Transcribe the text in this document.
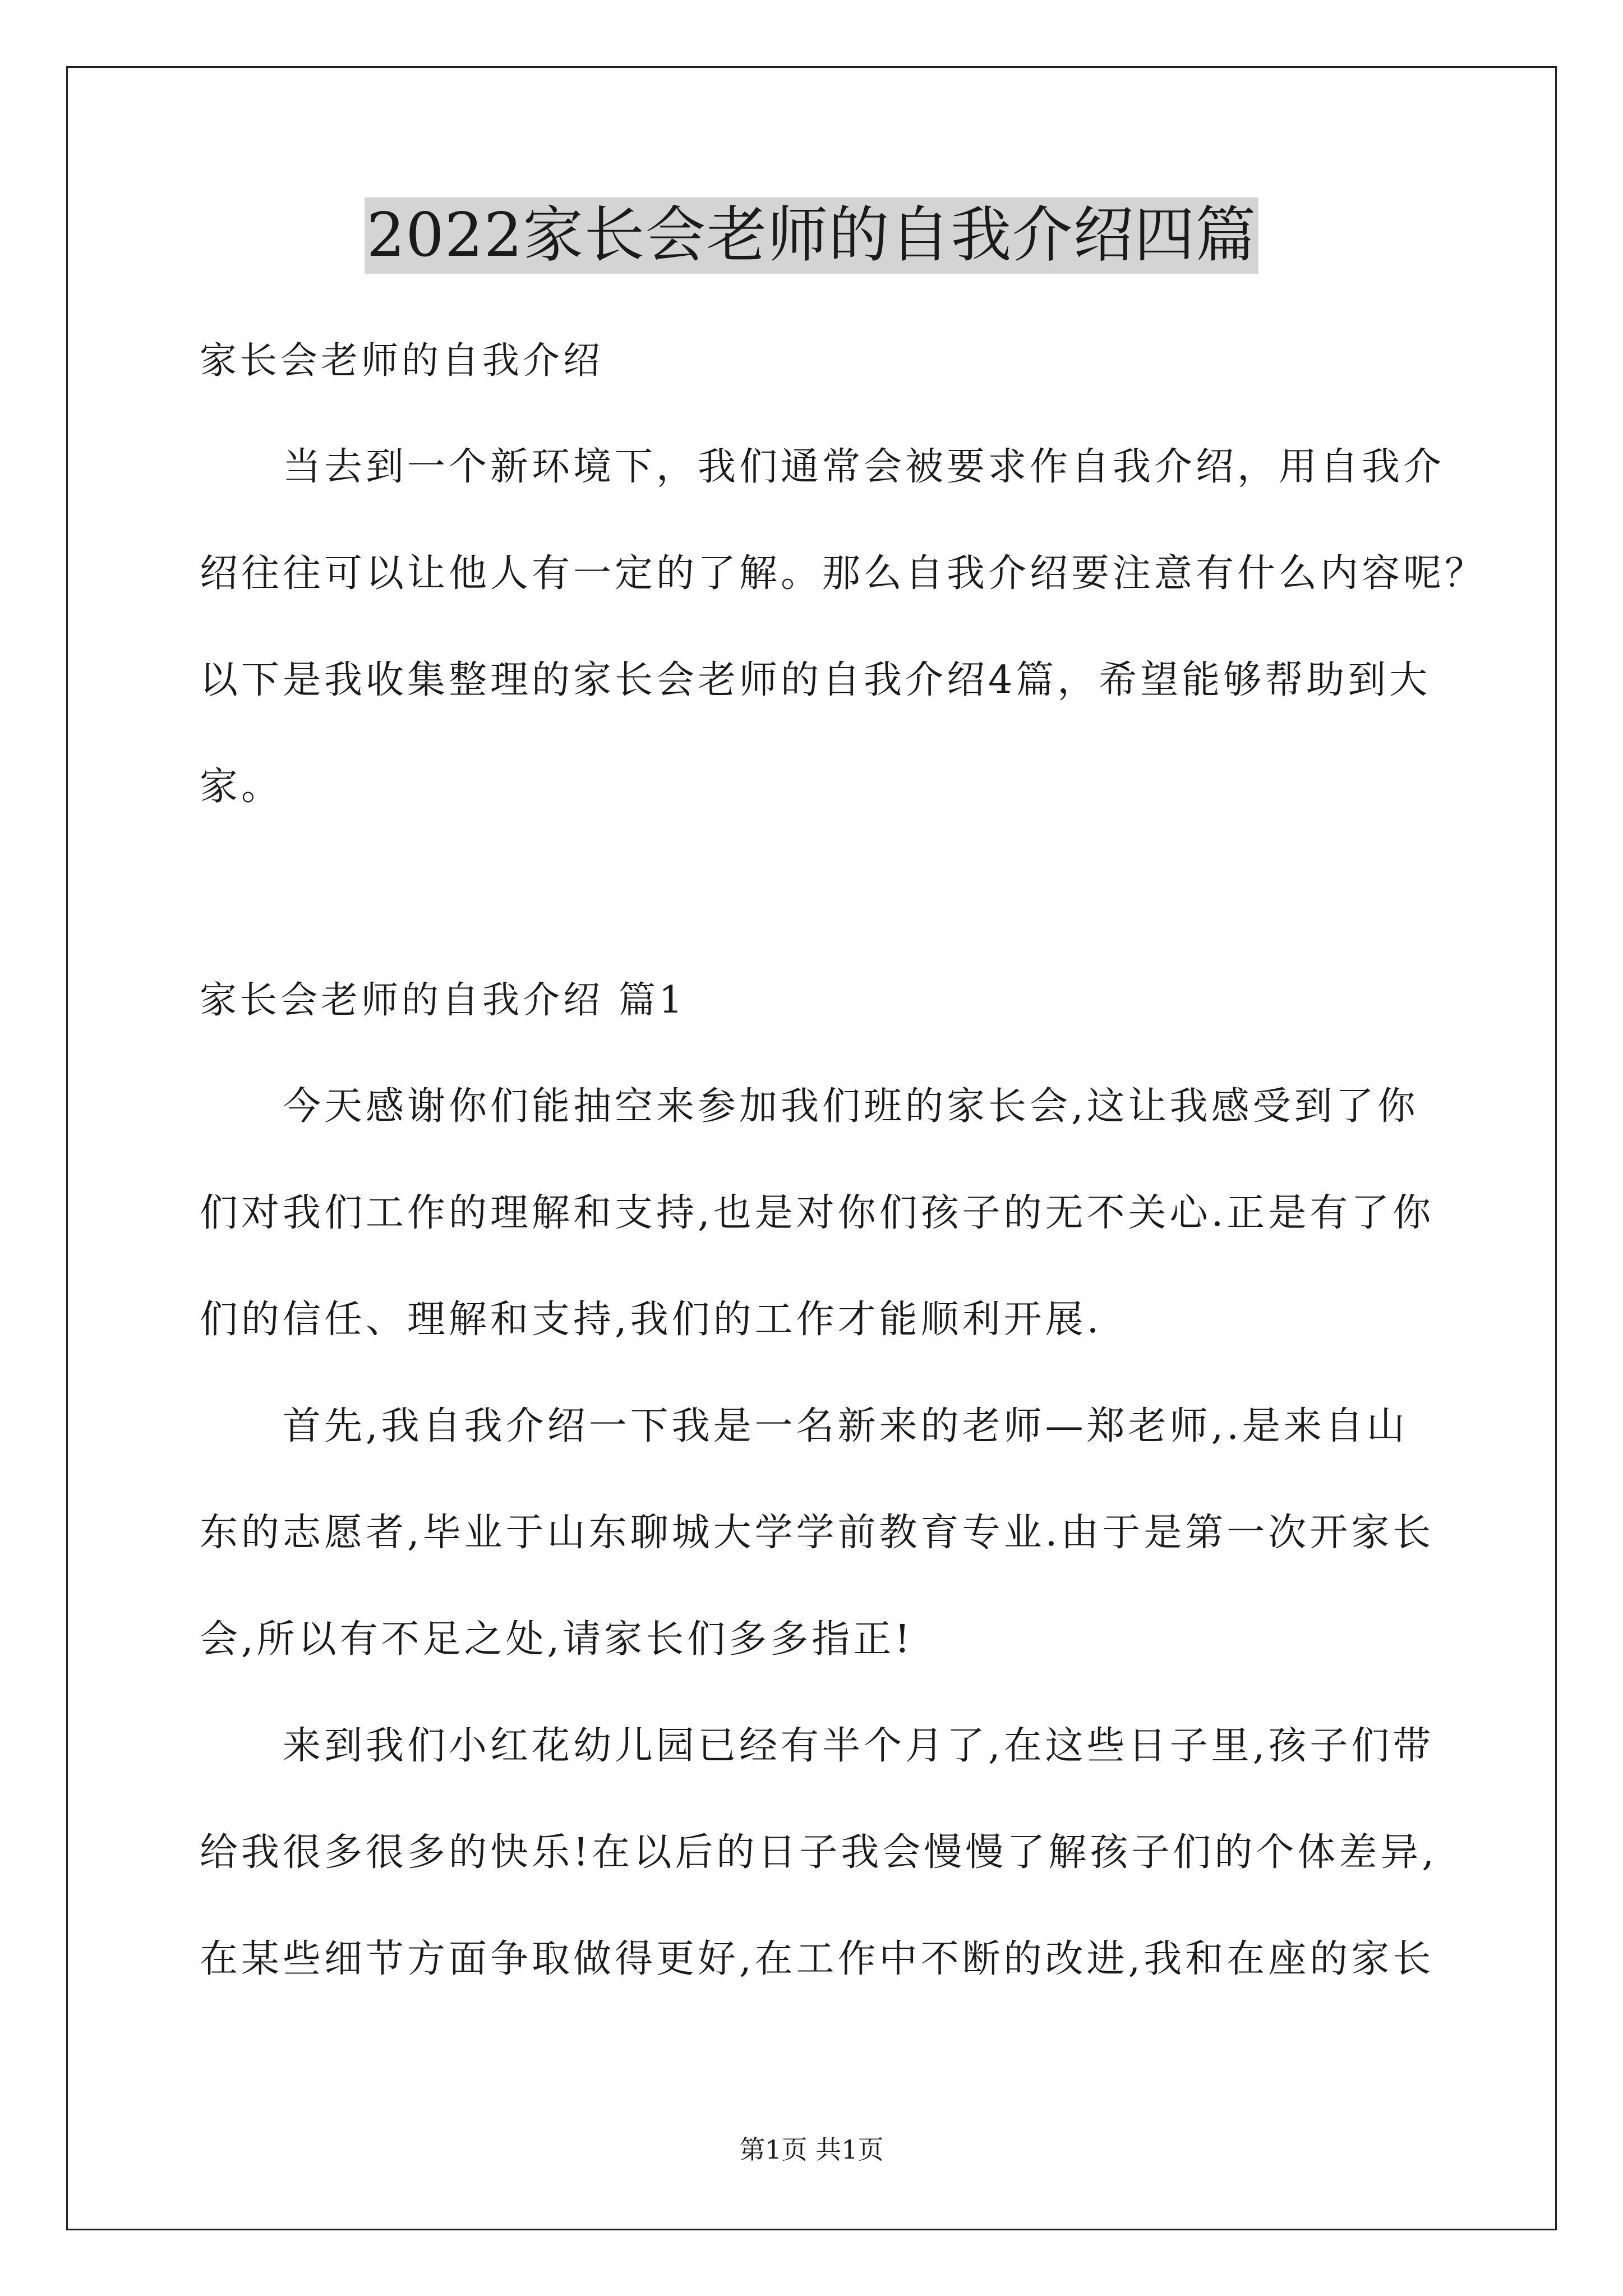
2022家长会老师的自我介绍四篇
家长会老师的自我介绍
当去到一个新环境下，我们通常会被要求作自我介绍，用自我介
绍往往可以让他人有一定的了解。那么自我介绍要注意有什么内容呢？
以下是我收集整理的家长会老师的自我介绍4篇，希望能够帮助到大
家。
家长会老师的自我介绍 篇1
今天感谢你们能抽空来参加我们班的家长会,这让我感受到了你
们对我们工作的理解和支持,也是对你们孩子的无不关心.正是有了你
们的信任、理解和支持,我们的工作才能顺利开展.
首先,我自我介绍一下我是一名新来的老师—郑老师,.是来自山
东的志愿者,毕业于山东聊城大学学前教育专业.由于是第一次开家长
会,所以有不足之处,请家长们多多指正!
来到我们小红花幼儿园已经有半个月了,在这些日子里,孩子们带
给我很多很多的快乐!在以后的日子我会慢慢了解孩子们的个体差异,
在某些细节方面争取做得更好,在工作中不断的改进,我和在座的家长
第1页 共1页
